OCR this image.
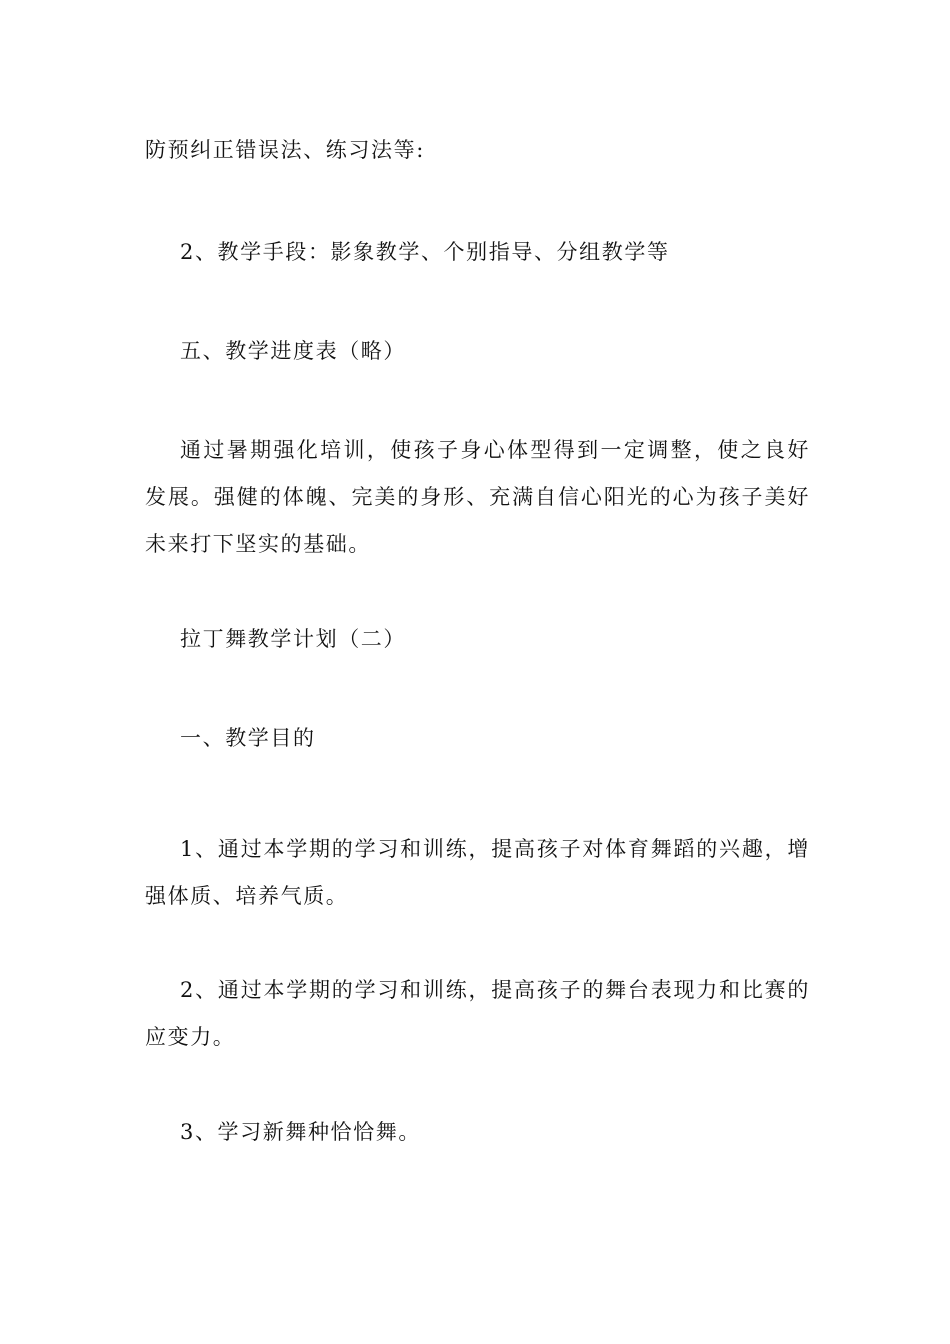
防预纠正错误法、练习法等:

2、教学手段：影象教学、个别指导、分组教学等

五、教学进度表（略）

通过暑期强化培训，使孩子身心体型得到一定调整，使之良好发展。强健的体魄、完美的身形、充满自信心阳光的心为孩子美好未来打下坚实的基础。

拉丁舞教学计划（二）

一、教学目的

1、通过本学期的学习和训练，提高孩子对体育舞蹈的兴趣，增强体质、培养气质。

2、通过本学期的学习和训练，提高孩子的舞台表现力和比赛的应变力。

3、学习新舞种恰恰舞。
